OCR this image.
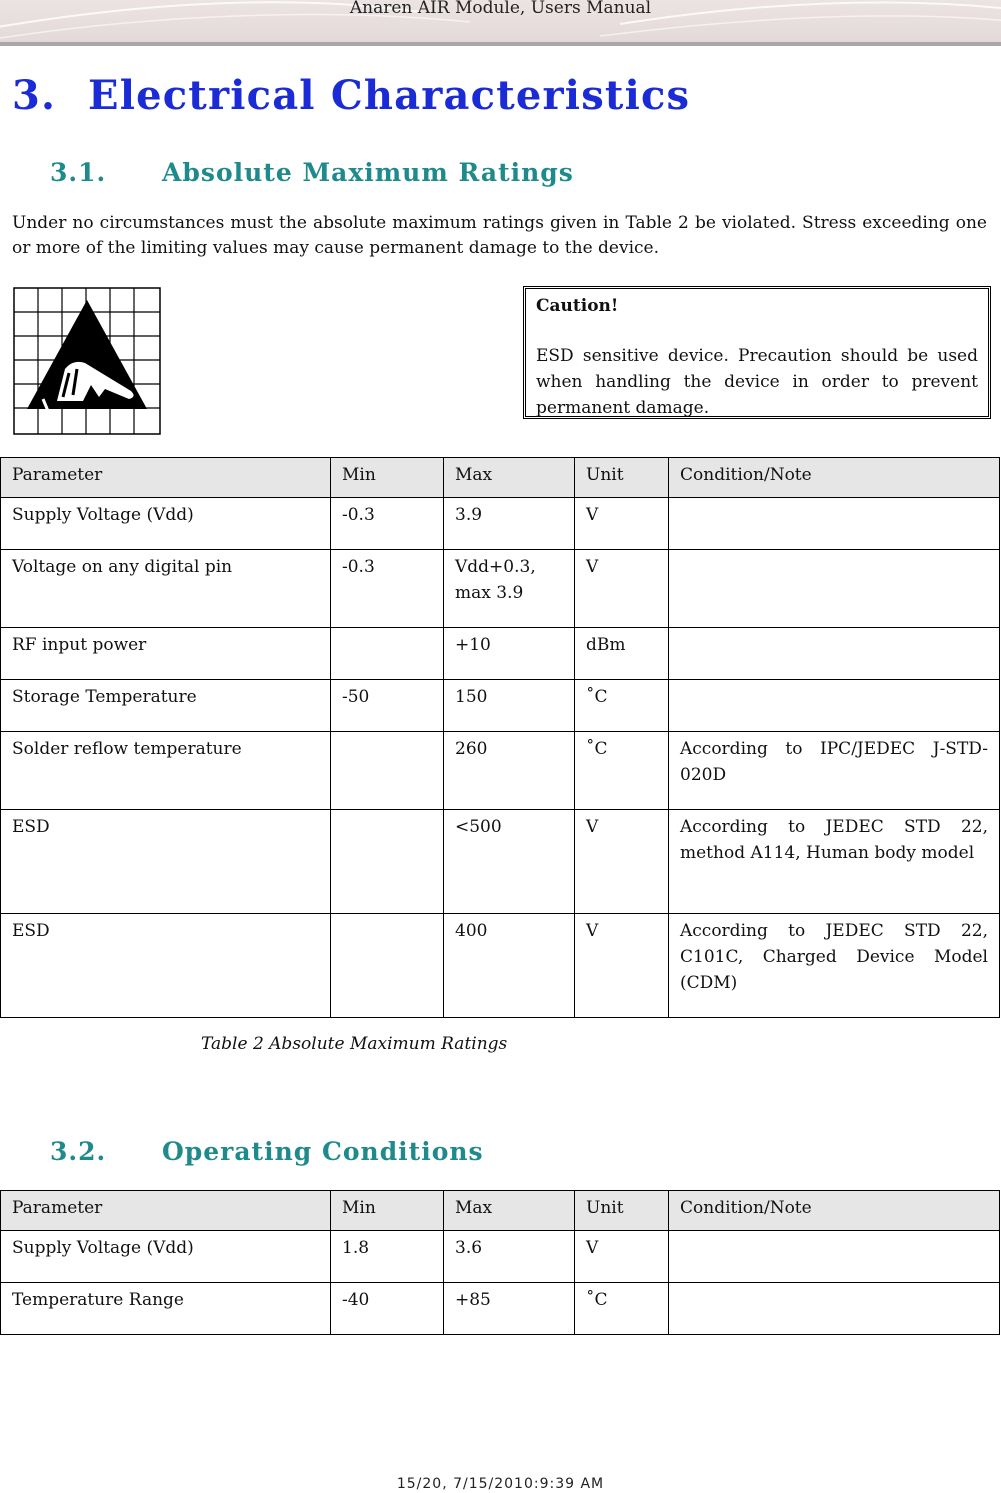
Anaren AIR Module, Users Manual
3. Electrical Characteristics
3.1. Absolute Maximum Ratings

Under no circumstances must the absolute maximum ratings given in Table 2 be violated. Stress exceeding one or more of the limiting values may cause permanent damage to the device.

Caution!

ESD sensitive device. Precaution should be used when handling the device in order to prevent permanent damage.

Parameter	Min	Max	Unit	Condition/Note
Supply Voltage (Vdd)	-0.3	3.9	V	
Voltage on any digital pin	-0.3	Vdd+0.3, max 3.9	V	
RF input power		+10	dBm	
Storage Temperature	-50	150	˚C	
Solder reflow temperature		260	˚C	According to IPC/JEDEC J-STD-020D
ESD		<500	V	According to JEDEC STD 22, method A114, Human body model
ESD		400	V	According to JEDEC STD 22, C101C, Charged Device Model (CDM)

Table 2 Absolute Maximum Ratings

3.2. Operating Conditions
Parameter	Min	Max	Unit	Condition/Note
Supply Voltage (Vdd)	1.8	3.6	V	
Temperature Range	-40	+85	˚C	
15/20, 7/15/2010:9:39 AM
